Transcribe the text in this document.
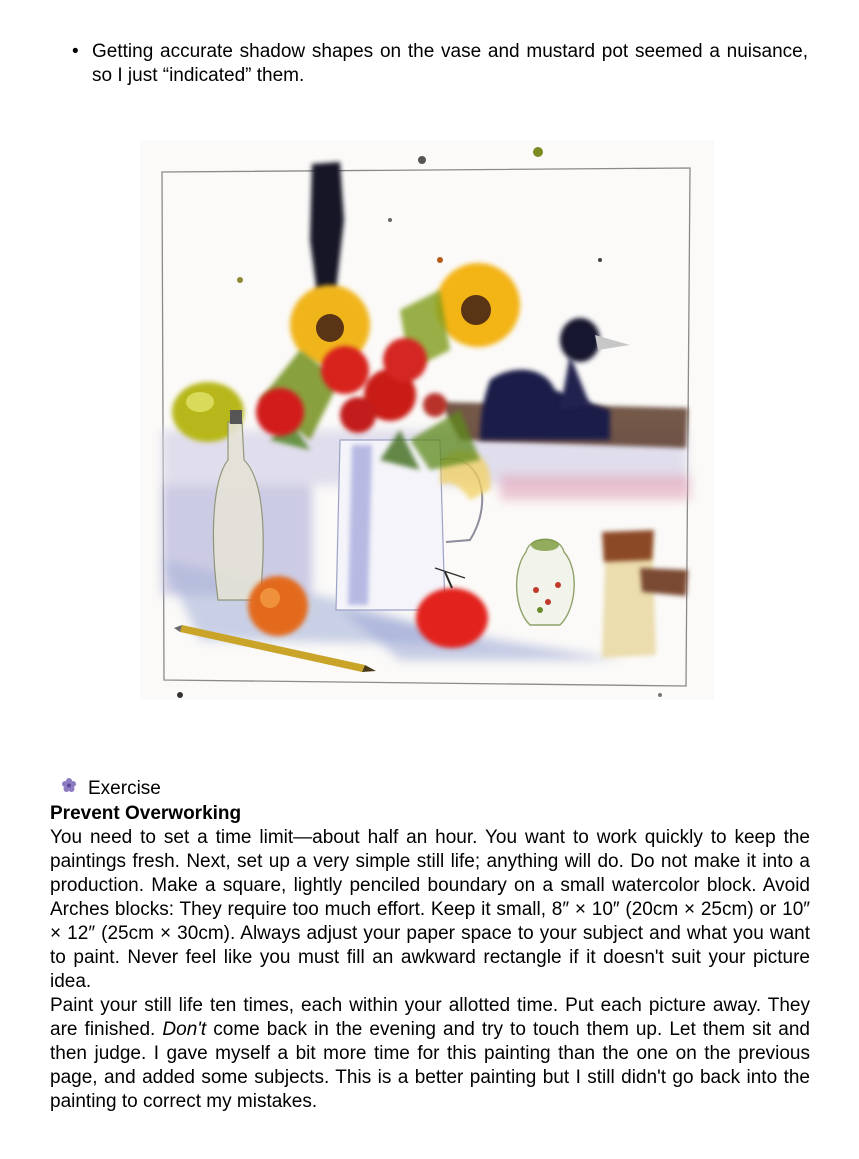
• Getting accurate shadow shapes on the vase and mustard pot seemed a nuisance, so I just “indicated” them.
Exercise
Prevent Overworking

You need to set a time limit—about half an hour. You want to work quickly to keep the paintings fresh. Next, set up a very simple still life; anything will do. Do not make it into a production. Make a square, lightly penciled boundary on a small watercolor block. Avoid Arches blocks: They require too much effort. Keep it small, 8″ × 10″ (20cm × 25cm) or 10″ × 12″ (25cm × 30cm). Always adjust your paper space to your subject and what you want to paint. Never feel like you must fill an awkward rectangle if it doesn't suit your picture idea.

Paint your still life ten times, each within your allotted time. Put each picture away. They are finished. Don't come back in the evening and try to touch them up. Let them sit and then judge. I gave myself a bit more time for this painting than the one on the previous page, and added some subjects. This is a better painting but I still didn't go back into the painting to correct my mistakes.
